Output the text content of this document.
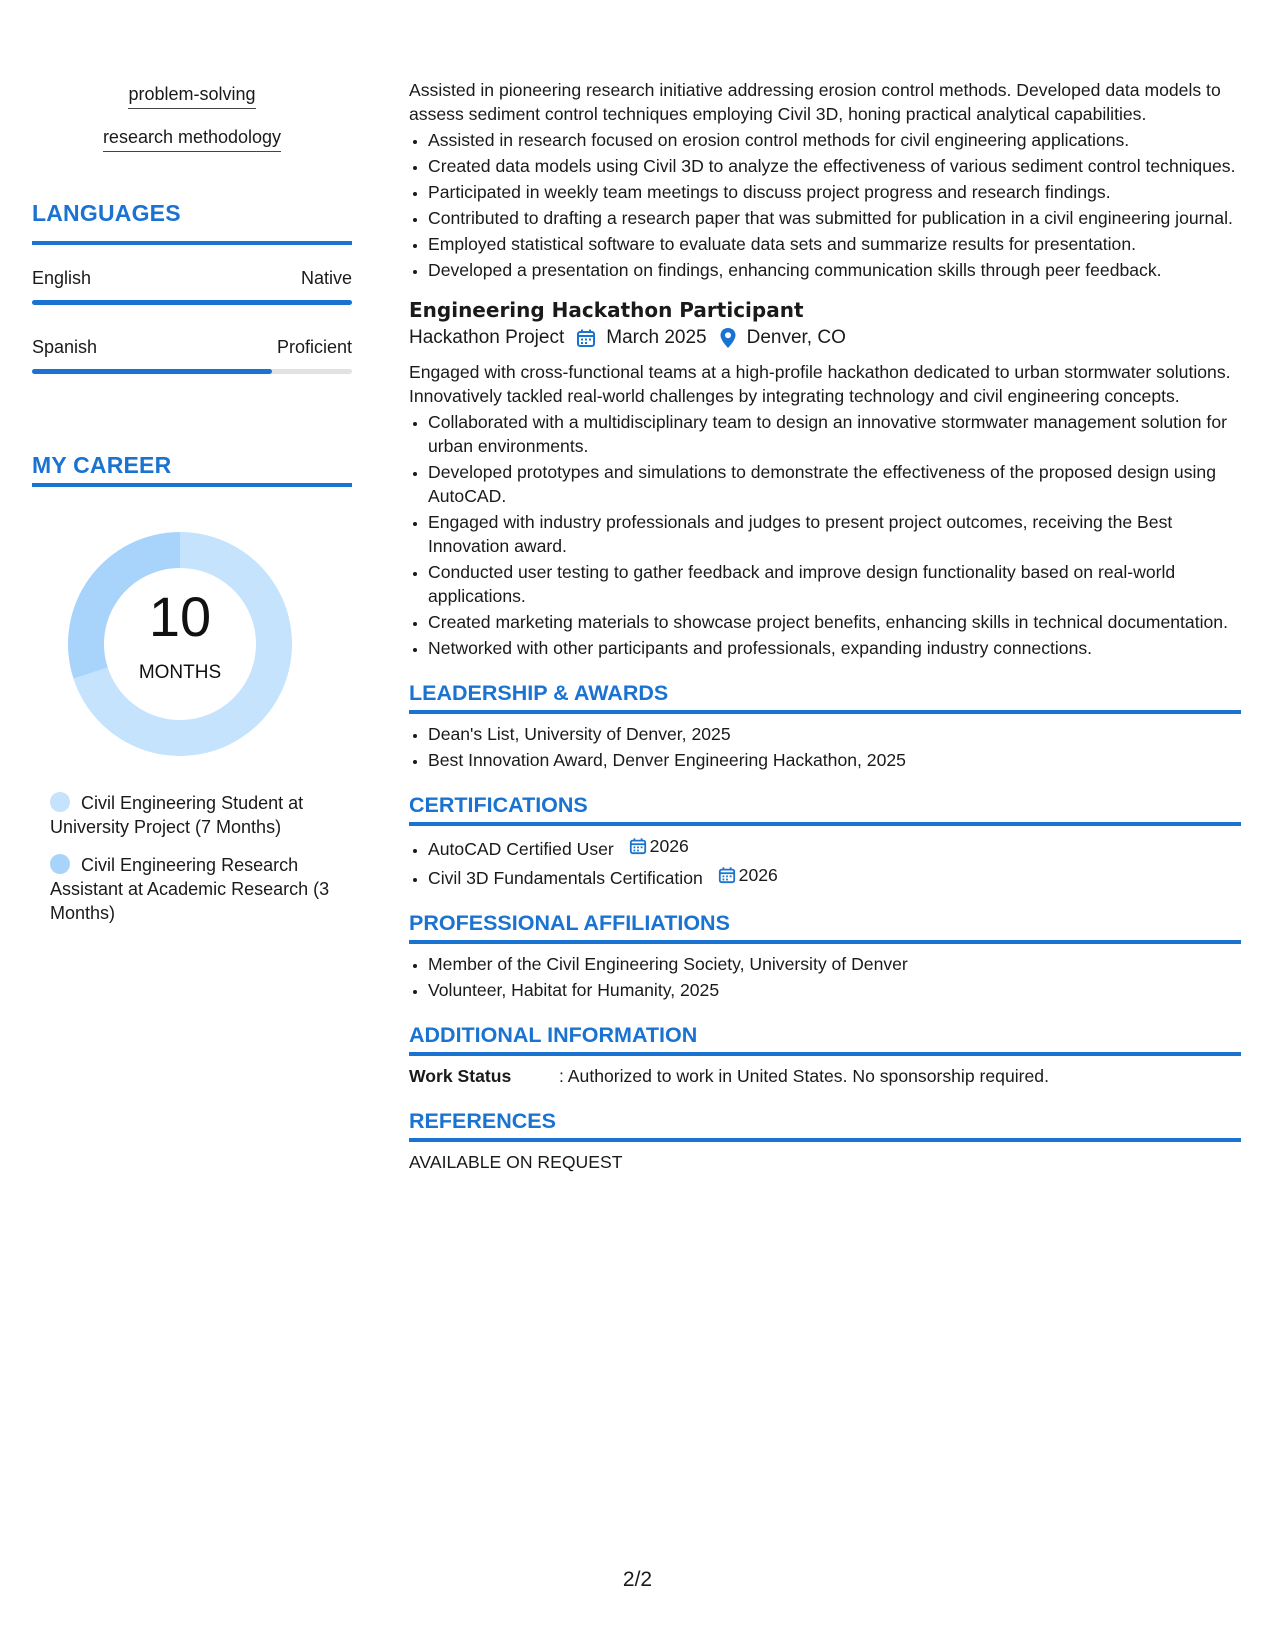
problem-solving
research methodology
LANGUAGES
English	Native
Spanish	Proficient
MY CAREER
10
MONTHS
Civil Engineering Student at University Project (7 Months)
Civil Engineering Research Assistant at Academic Research (3 Months)

Assisted in pioneering research initiative addressing erosion control methods. Developed data models to assess sediment control techniques employing Civil 3D, honing practical analytical capabilities.

• Assisted in research focused on erosion control methods for civil engineering applications.
• Created data models using Civil 3D to analyze the effectiveness of various sediment control techniques.
• Participated in weekly team meetings to discuss project progress and research findings.
• Contributed to drafting a research paper that was submitted for publication in a civil engineering journal.
• Employed statistical software to evaluate data sets and summarize results for presentation.
• Developed a presentation on findings, enhancing communication skills through peer feedback.
Engineering Hackathon Participant
Hackathon Project March 2025 Denver, CO

Engaged with cross-functional teams at a high-profile hackathon dedicated to urban stormwater solutions. Innovatively tackled real-world challenges by integrating technology and civil engineering concepts.

• Collaborated with a multidisciplinary team to design an innovative stormwater management solution for urban environments.
• Developed prototypes and simulations to demonstrate the effectiveness of the proposed design using AutoCAD.
• Engaged with industry professionals and judges to present project outcomes, receiving the Best Innovation award.
• Conducted user testing to gather feedback and improve design functionality based on real-world applications.
• Created marketing materials to showcase project benefits, enhancing skills in technical documentation.
• Networked with other participants and professionals, expanding industry connections.
LEADERSHIP & AWARDS
• Dean's List, University of Denver, 2025
• Best Innovation Award, Denver Engineering Hackathon, 2025
CERTIFICATIONS
• AutoCAD Certified User 2026
• Civil 3D Fundamentals Certification 2026
PROFESSIONAL AFFILIATIONS
• Member of the Civil Engineering Society, University of Denver
• Volunteer, Habitat for Humanity, 2025
ADDITIONAL INFORMATION
Work Status	: Authorized to work in United States. No sponsorship required.
REFERENCES
AVAILABLE ON REQUEST
2/2
